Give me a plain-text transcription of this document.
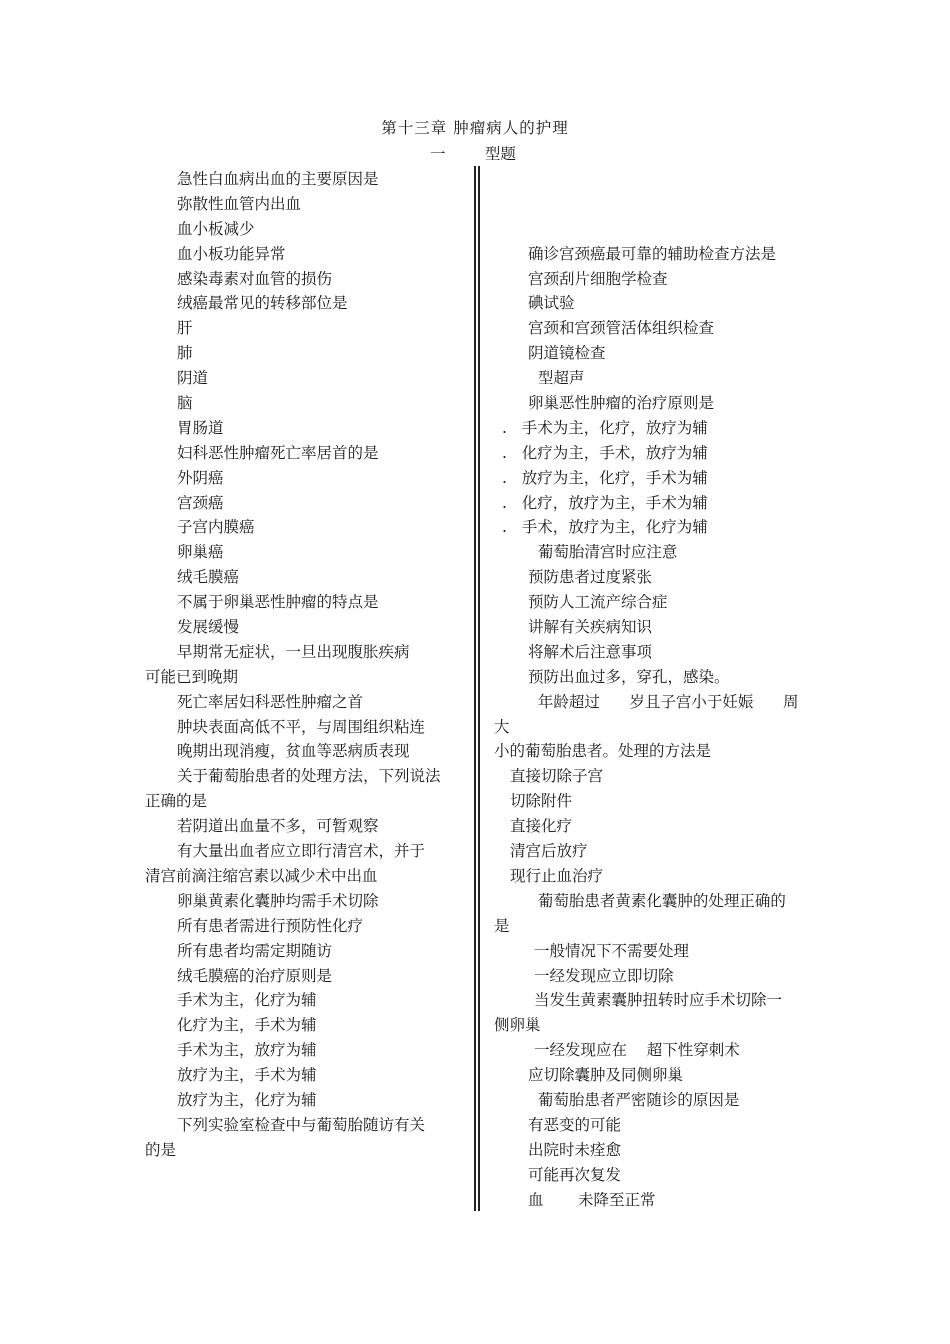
第十三章 肿瘤病人的护理
一        型题
急性白血病出血的主要原因是
弥散性血管内出血
血小板减少
血小板功能异常
感染毒素对血管的损伤
绒癌最常见的转移部位是
肝
肺
阴道
脑
胃肠道
妇科恶性肿瘤死亡率居首的是
外阴癌
宫颈癌
子宫内膜癌
卵巢癌
绒毛膜癌
不属于卵巢恶性肿瘤的特点是
发展缓慢
早期常无症状，一旦出现腹胀疾病
可能已到晚期
死亡率居妇科恶性肿瘤之首
肿块表面高低不平，与周围组织粘连
晚期出现消瘦，贫血等恶病质表现
关于葡萄胎患者的处理方法，下列说法
正确的是
若阴道出血量不多，可暂观察
有大量出血者应立即行清宫术，并于
清宫前滴注缩宫素以减少术中出血
卵巢黄素化囊肿均需手术切除
所有患者需进行预防性化疗
所有患者均需定期随访
绒毛膜癌的治疗原则是
手术为主，化疗为辅
化疗为主，手术为辅
手术为主，放疗为辅
放疗为主，手术为辅
放疗为主，化疗为辅
下列实验室检查中与葡萄胎随访有关
的是
确诊宫颈癌最可靠的辅助检查方法是
宫颈刮片细胞学检查
碘试验
宫颈和宫颈管活体组织检查
阴道镜检查
型超声
卵巢恶性肿瘤的治疗原则是
.   手术为主，化疗，放疗为辅
.   化疗为主，手术，放疗为辅
.   放疗为主，化疗，手术为辅
.   化疗，放疗为主，手术为辅
.   手术，放疗为主，化疗为辅
葡萄胎清宫时应注意
预防患者过度紧张
预防人工流产综合症
讲解有关疾病知识
将解术后注意事项
预防出血过多，穿孔，感染。
年龄超过      岁且子宫小于妊娠      周
大
小的葡萄胎患者。处理的方法是
直接切除子宫
切除附件
直接化疗
清宫后放疗
现行止血治疗
葡萄胎患者黄素化囊肿的处理正确的
是
一般情况下不需要处理
一经发现应立即切除
当发生黄素囊肿扭转时应手术切除一
侧卵巢
一经发现应在    超下性穿刺术
应切除囊肿及同侧卵巢
葡萄胎患者严密随诊的原因是
有恶变的可能
出院时未痊愈
可能再次复发
血       未降至正常
